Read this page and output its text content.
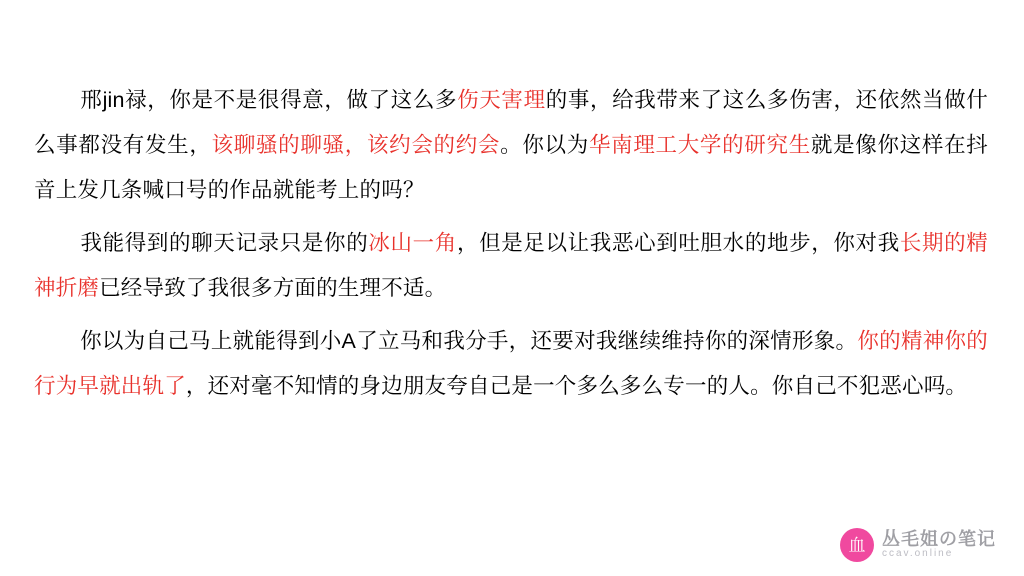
邢jin禄，你是不是很得意，做了这么多伤天害理的事，给我带来了这么多伤害，还依然当做什么事都没有发生，该聊骚的聊骚，该约会的约会。你以为华南理工大学的研究生就是像你这样在抖音上发几条喊口号的作品就能考上的吗？
我能得到的聊天记录只是你的冰山一角，但是足以让我恶心到吐胆水的地步，你对我长期的精神折磨已经导致了我很多方面的生理不适。
你以为自己马上就能得到小A了立马和我分手，还要对我继续维持你的深情形象。你的精神你的行为早就出轨了，还对毫不知情的身边朋友夸自己是一个多么多么专一的人。你自己不犯恶心吗。
血 丛毛姐の笔记
ccav.online
